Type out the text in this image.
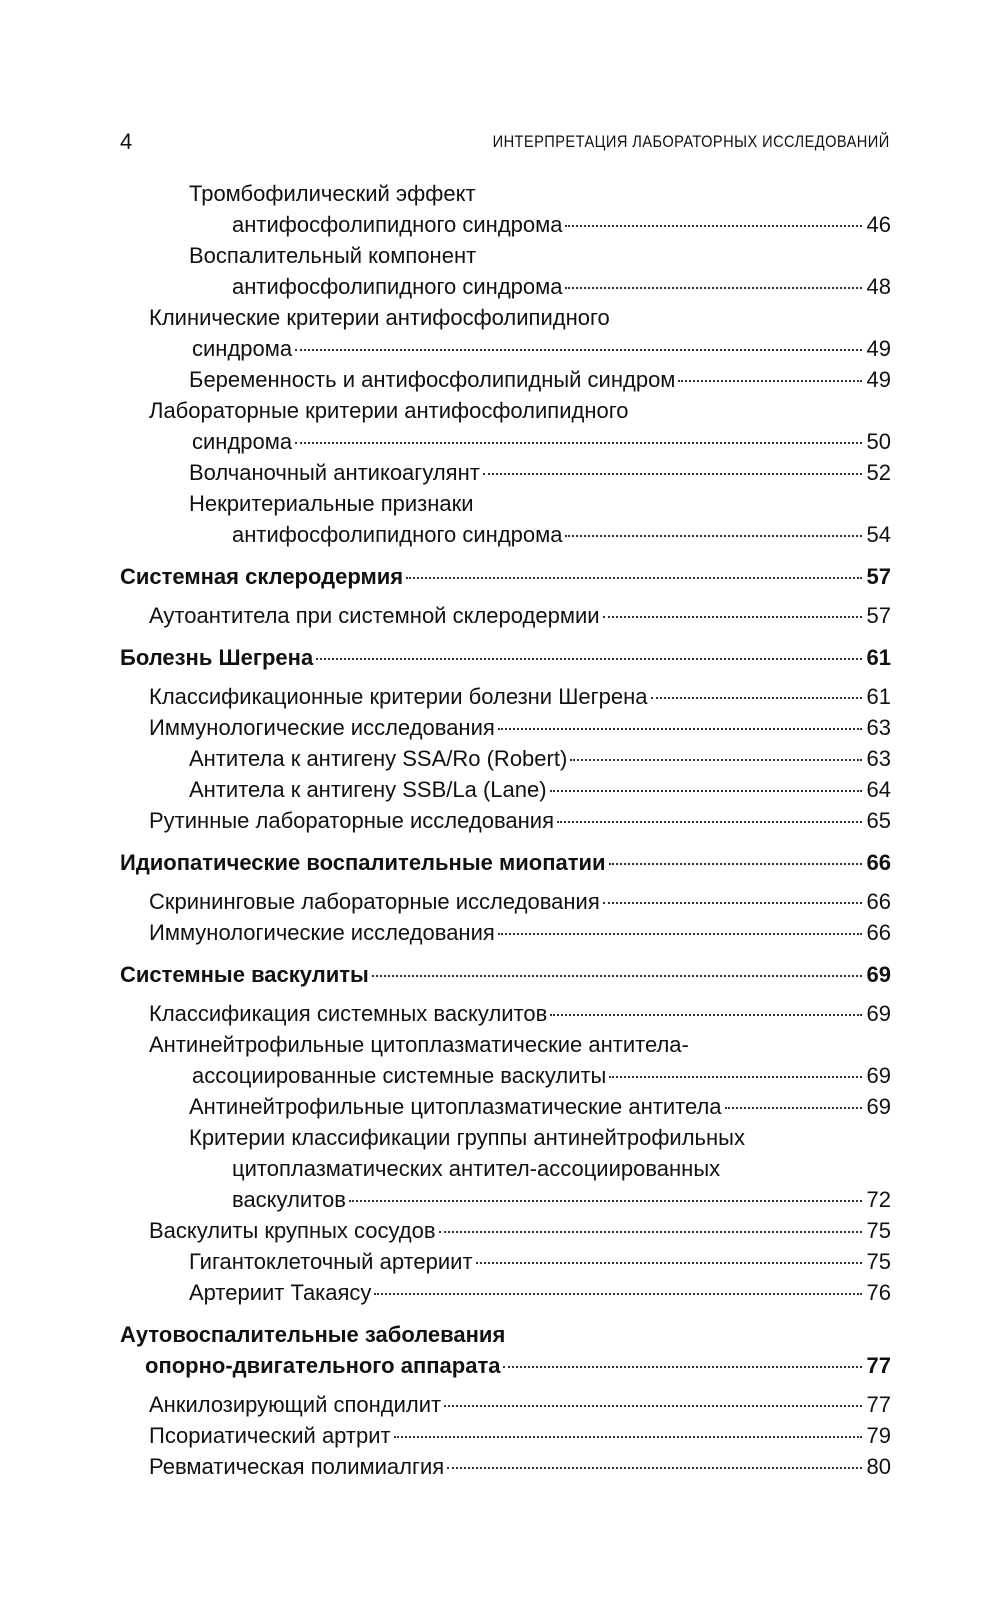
4	ИНТЕРПРЕТАЦИЯ ЛАБОРАТОРНЫХ ИССЛЕДОВАНИЙ
Тромбофилический эффект
антифосфолипидного синдрома	46
Воспалительный компонент
антифосфолипидного синдрома	48
Клинические критерии антифосфолипидного
синдрома	49
Беременность и антифосфолипидный синдром	49
Лабораторные критерии антифосфолипидного
синдрома	50
Волчаночный антикоагулянт	52
Некритериальные признаки
антифосфолипидного синдрома	54
Системная склеродермия	57
Аутоантитела при системной склеродермии	57
Болезнь Шегрена	61
Классификационные критерии болезни Шегрена	61
Иммунологические исследования	63
Антитела к антигену SSA/Ro (Robert)	63
Антитела к антигену SSB/La (Lane)	64
Рутинные лабораторные исследования	65
Идиопатические воспалительные миопатии	66
Скрининговые лабораторные исследования	66
Иммунологические исследования	66
Системные васкулиты	69
Классификация системных васкулитов	69
Антинейтрофильные цитоплазматические антитела-
ассоциированные системные васкулиты	69
Антинейтрофильные цитоплазматические антитела	69
Критерии классификации группы антинейтрофильных
цитоплазматических антител-ассоциированных
васкулитов	72
Васкулиты крупных сосудов	75
Гигантоклеточный артериит	75
Артериит Такаясу	76
Аутовоспалительные заболевания
опорно-двигательного аппарата	77
Анкилозирующий спондилит	77
Псориатический артрит	79
Ревматическая полимиалгия	80
